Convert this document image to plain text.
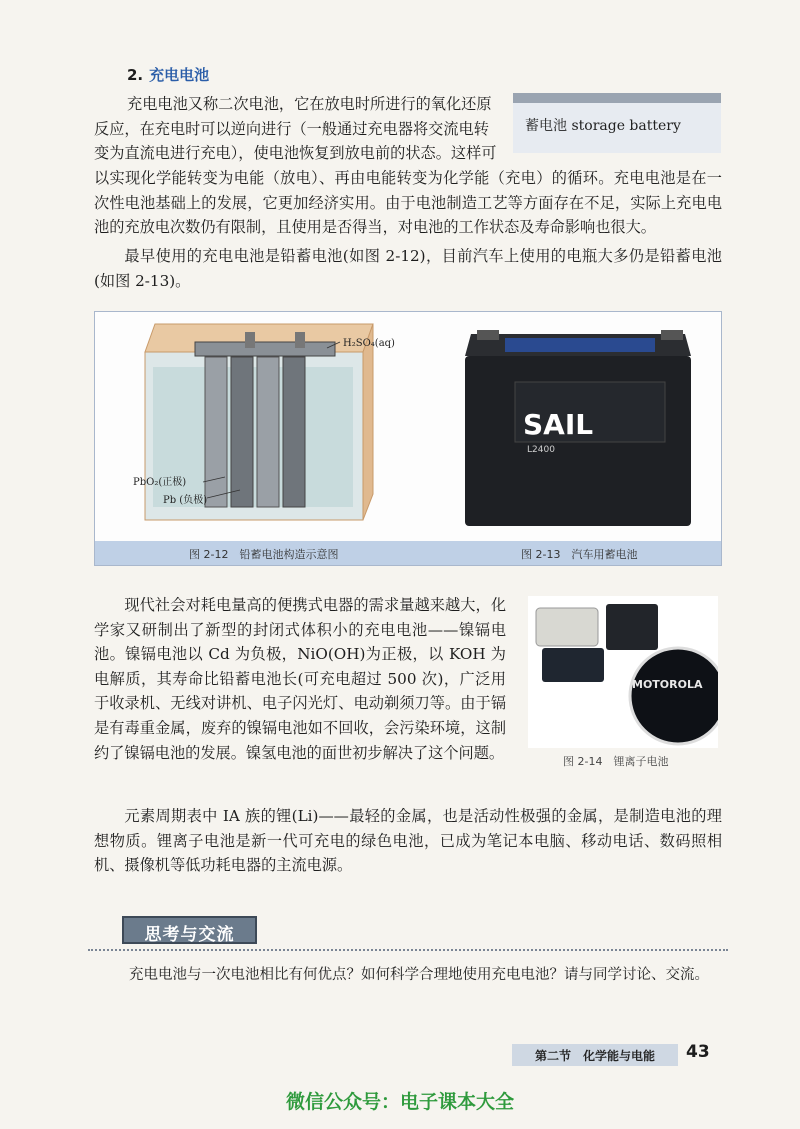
2. 充电电池

充电电池又称二次电池，它在放电时所进行的氧化还原

反应，在充电时可以逆向进行（一般通过充电器将交流电转

变为直流电进行充电），使电池恢复到放电前的状态。这样可

蓄电池 storage battery

以实现化学能转变为电能（放电）、再由电能转变为化学能（充电）的循环。充电电池是在一次性电池基础上的发展，它更加经济实用。由于电池制造工艺等方面存在不足，实际上充电电池的充放电次数仍有限制，且使用是否得当，对电池的工作状态及寿命影响也很大。

最早使用的充电电池是铅蓄电池(如图 2-12)，目前汽车上使用的电瓶大多仍是铅蓄电池(如图 2-13)。

H₂SO₄(aq)
PbO₂(正极)
Pb (负极)
SAIL
L2400
图 2-12　铅蓄电池构造示意图	图 2-13　汽车用蓄电池

现代社会对耗电量高的便携式电器的需求量越来越大，化学家又研制出了新型的封闭式体积小的充电电池——镍镉电池。镍镉电池以 Cd 为负极，NiO(OH)为正极，以 KOH 为电解质，其寿命比铅蓄电池长(可充电超过 500 次)，广泛用于收录机、无线对讲机、电子闪光灯、电动剃须刀等。由于镉是有毒重金属，废弃的镍镉电池如不回收，会污染环境，这制约了镍镉电池的发展。镍氢电池的面世初步解决了这个问题。

MOTOROLA
图 2-14　锂离子电池

元素周期表中 IA 族的锂(Li)——最轻的金属，也是活动性极强的金属，是制造电池的理想物质。锂离子电池是新一代可充电的绿色电池，已成为笔记本电脑、移动电话、数码照相机、摄像机等低功耗电器的主流电源。

思考与交流

充电电池与一次电池相比有何优点？如何科学合理地使用充电电池？请与同学讨论、交流。

第二节　化学能与电能	43
微信公众号：电子课本大全
